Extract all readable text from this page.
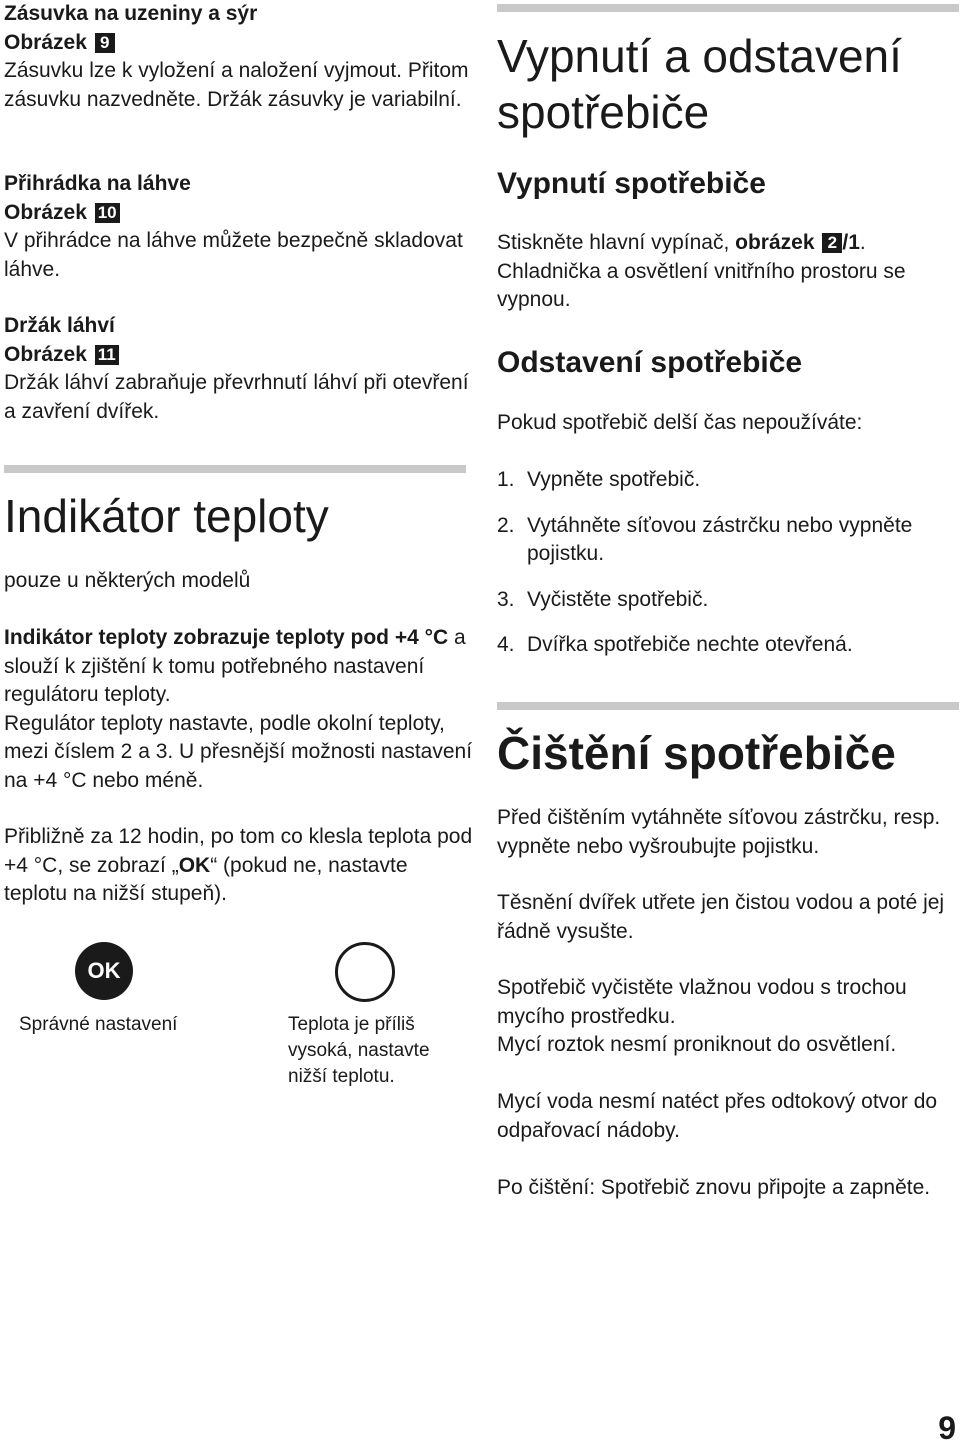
Zásuvka na uzeniny a sýr

Obrázek 9

Zásuvku lze k vyložení a naložení vyjmout. Přitom zásuvku nazvedněte. Držák zásuvky je variabilní.

Přihrádka na láhve

Obrázek 10

V přihrádce na láhve můžete bezpečně skladovat láhve.

Držák láhví

Obrázek 11

Držák láhví zabraňuje převrhnutí láhví při otevření a zavření dvířek.

Indikátor teploty

pouze u některých modelů

Indikátor teploty zobrazuje teploty pod +4 °C a slouží k zjištění k tomu potřebného nastavení regulátoru teploty.

Regulátor teploty nastavte, podle okolní teploty, mezi číslem 2 a 3. U přesnější možnosti nastavení na +4 °C nebo méně.

Přibližně za 12 hodin, po tom co klesla teplota pod +4 °C, se zobrazí „OK“ (pokud ne, nastavte teplotu na nižší stupeň).

OK

Správné nastavení	Teplota je příliš vysoká, nastavte nižší teplotu.

Vypnutí a odstavení spotřebiče
Vypnutí spotřebiče

Stiskněte hlavní vypínač, obrázek 2 /1. Chladnička a osvětlení vnitřního prostoru se vypnou.

Odstavení spotřebiče

Pokud spotřebič delší čas nepoužíváte:

1. Vypněte spotřebič.
2. Vytáhněte síťovou zástrčku nebo vypněte pojistku.
3. Vyčistěte spotřebič.
4. Dvířka spotřebiče nechte otevřená.
Čištění spotřebiče

Před čištěním vytáhněte síťovou zástrčku, resp. vypněte nebo vyšroubujte pojistku.

Těsnění dvířek utřete jen čistou vodou a poté jej řádně vysušte.

Spotřebič vyčistěte vlažnou vodou s trochou mycího prostředku.

Mycí roztok nesmí proniknout do osvětlení.

Mycí voda nesmí natéct přes odtokový otvor do odpařovací nádoby.

Po čištění: Spotřebič znovu připojte a zapněte.

9
